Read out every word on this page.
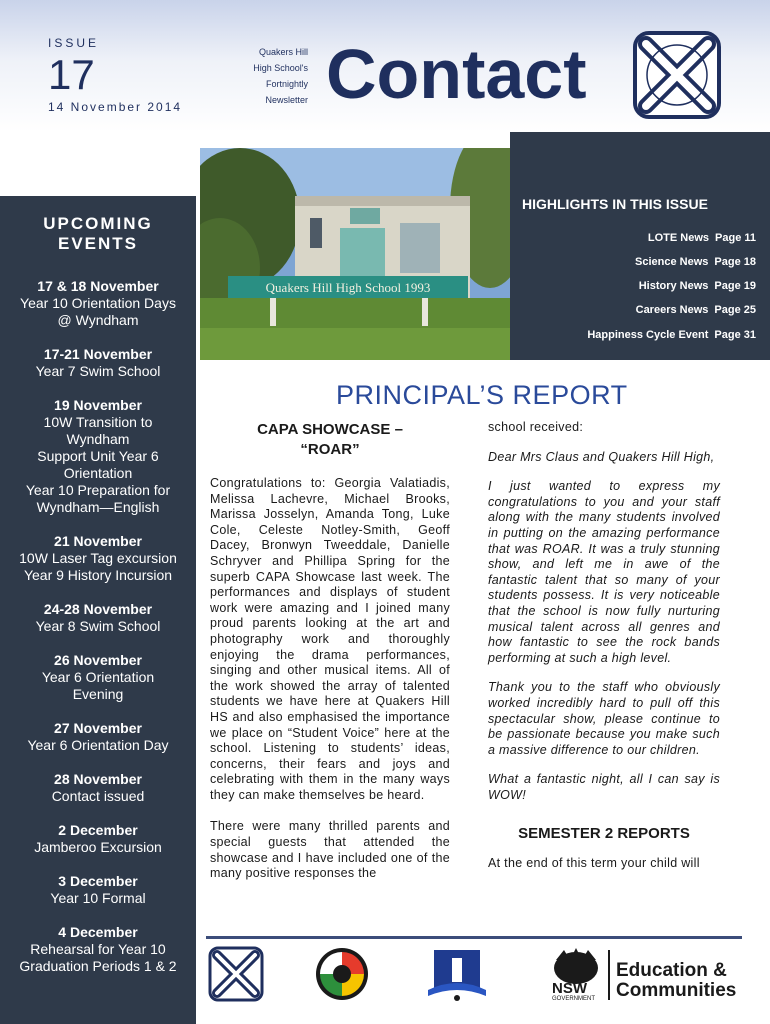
ISSUE
17
14 November 2014
Quakers Hill
High School's
Fortnightly
Newsletter Contact
UPCOMING
EVENTS
17 & 18 November
Year 10 Orientation Days
@ Wyndham
17-21 November
Year 7 Swim School
19 November
10W Transition to
Wyndham
Support Unit Year 6
Orientation
Year 10 Preparation for
Wyndham—English
21 November
10W Laser Tag excursion
Year 9 History Incursion
24-28 November
Year 8 Swim School
26 November
Year 6 Orientation
Evening
27 November
Year 6 Orientation Day
28 November
Contact issued
2 December
Jamberoo Excursion
3 December
Year 10 Formal
4 December
Rehearsal for Year 10
Graduation Periods 1 & 2
Quakers Hill High School 1993
HIGHLIGHTS IN THIS ISSUE
LOTE News Page 11
Science News Page 18
History News Page 19
Careers News Page 25
Happiness Cycle Event Page 31
PRINCIPAL’S REPORT
CAPA SHOWCASE –
“ROAR”

Congratulations to: Georgia Valatiadis, Melissa Lachevre, Michael Brooks, Marissa Josselyn, Amanda Tong, Luke Cole, Celeste Notley-Smith, Geoff Dacey, Bronwyn Tweeddale, Danielle Schryver and Phillipa Spring for the superb CAPA Showcase last week. The performances and displays of student work were amazing and I joined many proud parents looking at the art and photography work and thoroughly enjoying the drama performances, singing and other musical items. All of the work showed the array of talented students we have here at Quakers Hill HS and also emphasised the importance we place on “Student Voice” here at the school. Listening to students’ ideas, concerns, their fears and joys and celebrating with them in the many ways they can make themselves be heard.

There were many thrilled parents and special guests that attended the showcase and I have included one of the many positive responses the

school received:

Dear Mrs Claus and Quakers Hill High,

I just wanted to express my congratulations to you and your staff along with the many students involved in putting on the amazing performance that was ROAR. It was a truly stunning show, and left me in awe of the fantastic talent that so many of your students possess. It is very noticeable that the school is now fully nurturing musical talent across all genres and how fantastic to see the rock bands performing at such a high level.

Thank you to the staff who obviously worked incredibly hard to pull off this spectacular show, please continue to be passionate because you make such a massive difference to our children.

What a fantastic night, all I can say is WOW!

SEMESTER 2 REPORTS

At the end of this term your child will

NSW
GOVERNMENT
Education &
Communities
